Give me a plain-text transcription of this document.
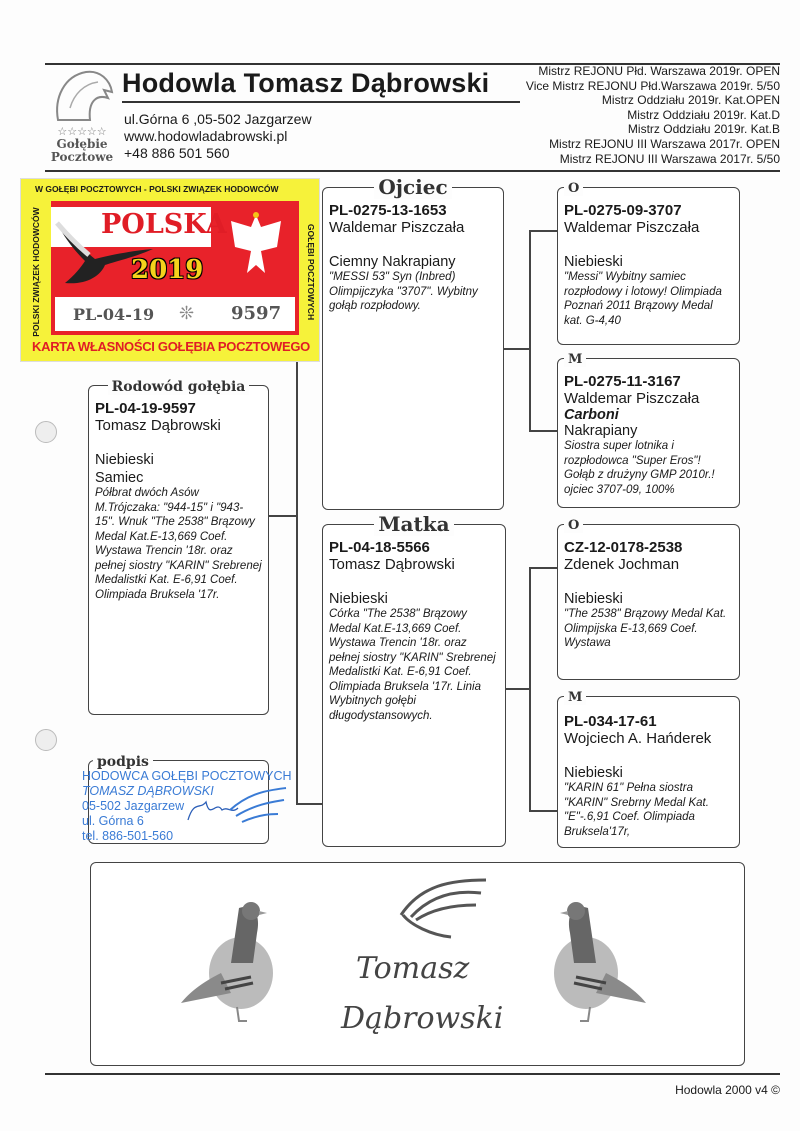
☆☆☆☆☆
Gołębie
Pocztowe
Hodowla Tomasz Dąbrowski
ul.Górna 6 ,05-502 Jazgarzew
www.hodowladabrowski.pl
+48 886 501 560
Mistrz REJONU Płd. Warszawa 2019r. OPEN
Vice Mistrz REJONU Płd.Warszawa 2019r. 5/50
Mistrz Oddziału 2019r. Kat.OPEN
Mistrz Oddziału 2019r. Kat.D
Mistrz Oddziału 2019r. Kat.B
Mistrz REJONU III Warszawa 2017r. OPEN
Mistrz REJONU III Warszawa 2017r. 5/50
W GOŁĘBI POCZTOWYCH - POLSKI ZWIĄZEK HODOWCÓW
POLSKI ZWIĄZEK HODOWCÓW	GOŁĘBI POCZTOWYCH
POLSKA
2019
PL-04-19 ❊ 9597
KARTA WŁASNOŚCI GOŁĘBIA POCZTOWEGO
Rodowód gołębia
PL-04-19-9597
Tomasz Dąbrowski
Niebieski
Samiec
Półbrat dwóch Asów M.Trójczaka: "944-15" i "943-15". Wnuk "The 2538" Brązowy Medal Kat.E-13,669 Coef. Wystawa Trencin '18r. oraz pełnej siostry "KARIN" Srebrenej Medalistki Kat. E-6,91 Coef. Olimpiada Bruksela '17r.
Ojciec
PL-0275-13-1653
Waldemar Piszczała
Ciemny Nakrapiany
"MESSI 53" Syn (Inbred) Olimpijczyka "3707". Wybitny gołąb rozpłodowy.
O
PL-0275-09-3707
Waldemar Piszczała
Niebieski
"Messi" Wybitny samiec rozpłodowy i lotowy! Olimpiada Poznań 2011 Brązowy Medal kat. G-4,40
M
PL-0275-11-3167
Waldemar Piszczała
Carboni
Nakrapiany
Siostra super lotnika i rozpłodowca "Super Eros"! Gołąb z drużyny GMP 2010r.! ojciec 3707-09, 100%
Matka
PL-04-18-5566
Tomasz Dąbrowski
Niebieski
Córka "The 2538" Brązowy Medal Kat.E-13,669 Coef. Wystawa Trencin '18r. oraz pełnej siostry "KARIN" Srebrenej Medalistki Kat. E-6,91 Coef. Olimpiada Bruksela '17r. Linia Wybitnych gołębi długodystansowych.
O
CZ-12-0178-2538
Zdenek Jochman
Niebieski
"The 2538" Brązowy Medal Kat. Olimpijska E-13,669 Coef. Wystawa
M
PL-034-17-61
Wojciech A. Hańderek
Niebieski
"KARIN 61" Pełna siostra "KARIN" Srebrny Medal Kat. "E"-.6,91 Coef. Olimpiada Bruksela'17r,
podpis
HODOWCA GOŁĘBI POCZTOWYCH
TOMASZ DĄBROWSKI
05-502 Jazgarzew
ul. Górna 6
tel. 886-501-560
Tomasz
Dąbrowski
Hodowla 2000 v4 ©
